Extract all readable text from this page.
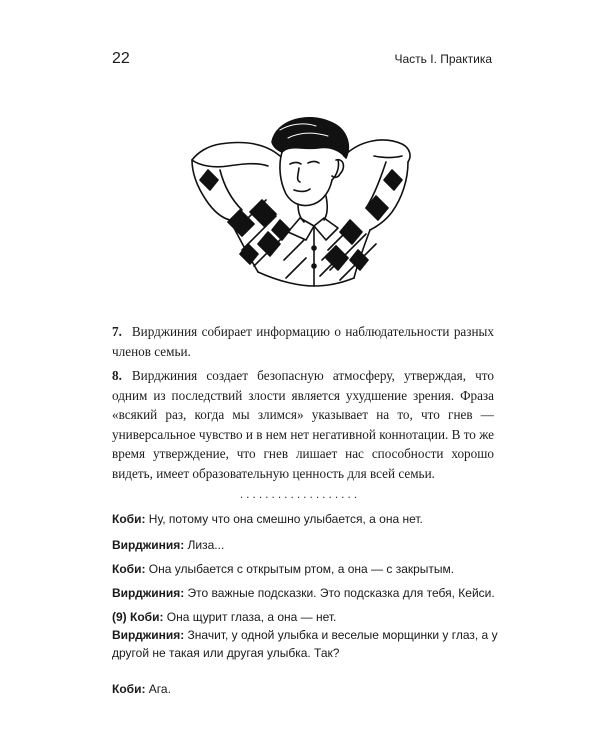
22	Часть I. Практика

7. Вирджиния собирает информацию о наблюдательности разных членов семьи.

8. Вирджиния создает безопасную атмосферу, утверждая, что одним из последствий злости является ухудшение зрения. Фраза «всякий раз, когда мы злимся» указывает на то, что гнев — универсальное чувство и в нем нет негативной коннотации. В то же время утверждение, что гнев лишает нас способности хорошо видеть, имеет образовательную ценность для всей семьи.

...................

Коби: Ну, потому что она смешно улыбается, а она нет.

Вирджиния: Лиза...

Коби: Она улыбается с открытым ртом, а она — с закрытым.

Вирджиния: Это важные подсказки. Это подсказка для тебя, Кейси.

(9) Коби: Она щурит глаза, а она — нет.

Вирджиния: Значит, у одной улыбка и веселые морщинки у глаз, а у другой не такая или другая улыбка. Так?

Коби: Ага.
